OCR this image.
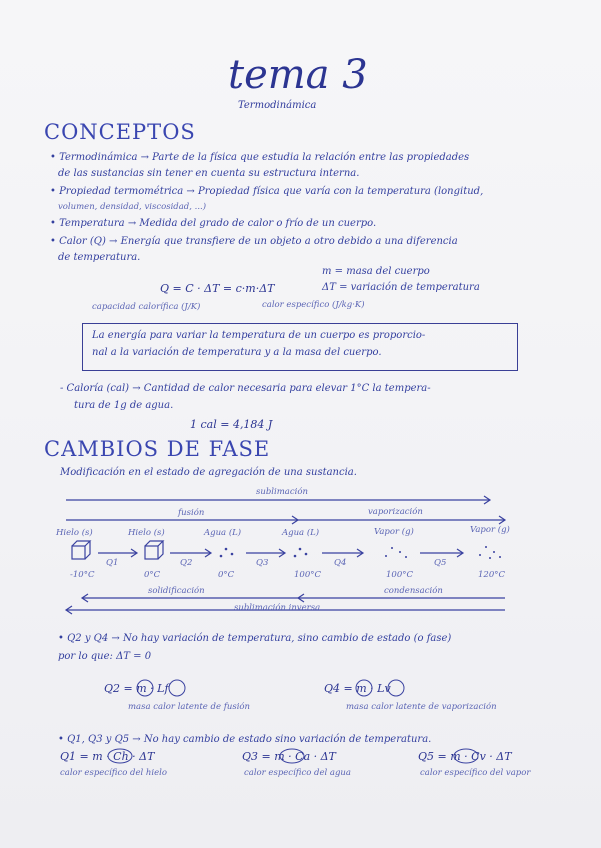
tema 3
Termodinámica
CONCEPTOS
• Termodinámica → Parte de la física que estudia la relación entre las propiedades
de las sustancias sin tener en cuenta su estructura interna.
• Propiedad termométrica → Propiedad física que varía con la temperatura (longitud,
volumen, densidad, viscosidad, ...)
• Temperatura → Medida del grado de calor o frío de un cuerpo.
• Calor (Q) → Energía que transfiere de un objeto a otro debido a una diferencia
de temperatura.
Q = C · ΔT = c·m·ΔT
m = masa del cuerpo
ΔT = variación de temperatura
capacidad calorífica (J/K)	calor específico (J/kg·K)
La energía para variar la temperatura de un cuerpo es proporcio-
nal a la variación de temperatura y a la masa del cuerpo.
- Caloría (cal) → Cantidad de calor necesaria para elevar 1°C la tempera-
tura de 1g de agua.
1 cal = 4,184 J
CAMBIOS DE FASE
Modificación en el estado de agregación de una sustancia.
sublimación
fusión	vaporización
Hielo (s)	Hielo (s)	Agua (L)	Agua (L)	Vapor (g)	Vapor (g)
Q1	Q2	Q3	Q4	Q5
-10°C	0°C	0°C	100°C	100°C	120°C
solidificación	condensación
sublimación inversa
• Q2 y Q4 → No hay variación de temperatura, sino cambio de estado (o fase)
por lo que: ΔT = 0
Q2 = m · Lf
masa calor latente de fusión
Q4 = m · Lv
masa calor latente de vaporización
• Q1, Q3 y Q5 → No hay cambio de estado sino variación de temperatura.
Q1 = m · Ch · ΔT
calor específico del hielo
Q3 = m · Ca · ΔT
calor específico del agua
Q5 = m · Cv · ΔT
calor específico del vapor
